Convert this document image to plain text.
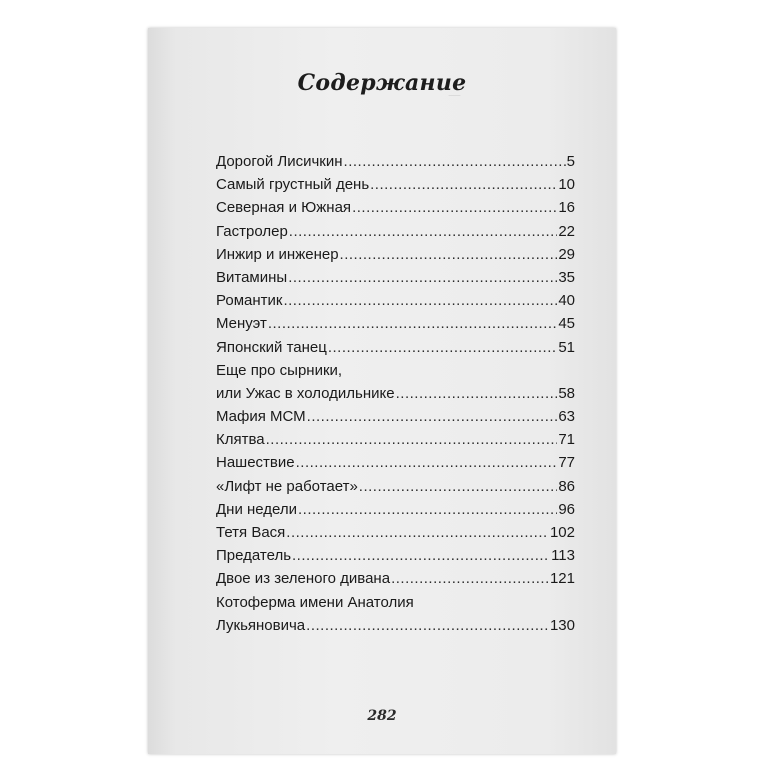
—⁠ ⁠ ⁠ ⁠ ⁠ ⁠ ⁠ ⁠ ⁠ ⁠
Содержание
Дорогой Лисичкин .....	5
Самый грустный день .....	10
Северная и Южная .....	16
Гастролер .....	22
Инжир и инженер .....	29
Витамины .....	35
Романтик .....	40
Менуэт .....	45
Японский танец .....	51
Еще про сырники,
или Ужас в холодильнике .....	58
Мафия МСМ .....	63
Клятва .....	71
Нашествие .....	77
«Лифт не работает» .....	86
Дни недели .....	96
Тетя Вася .....	102
Предатель .....	113
Двое из зеленого дивана .....	121
Котоферма имени Анатолия
Лукьяновича .....	130
282
